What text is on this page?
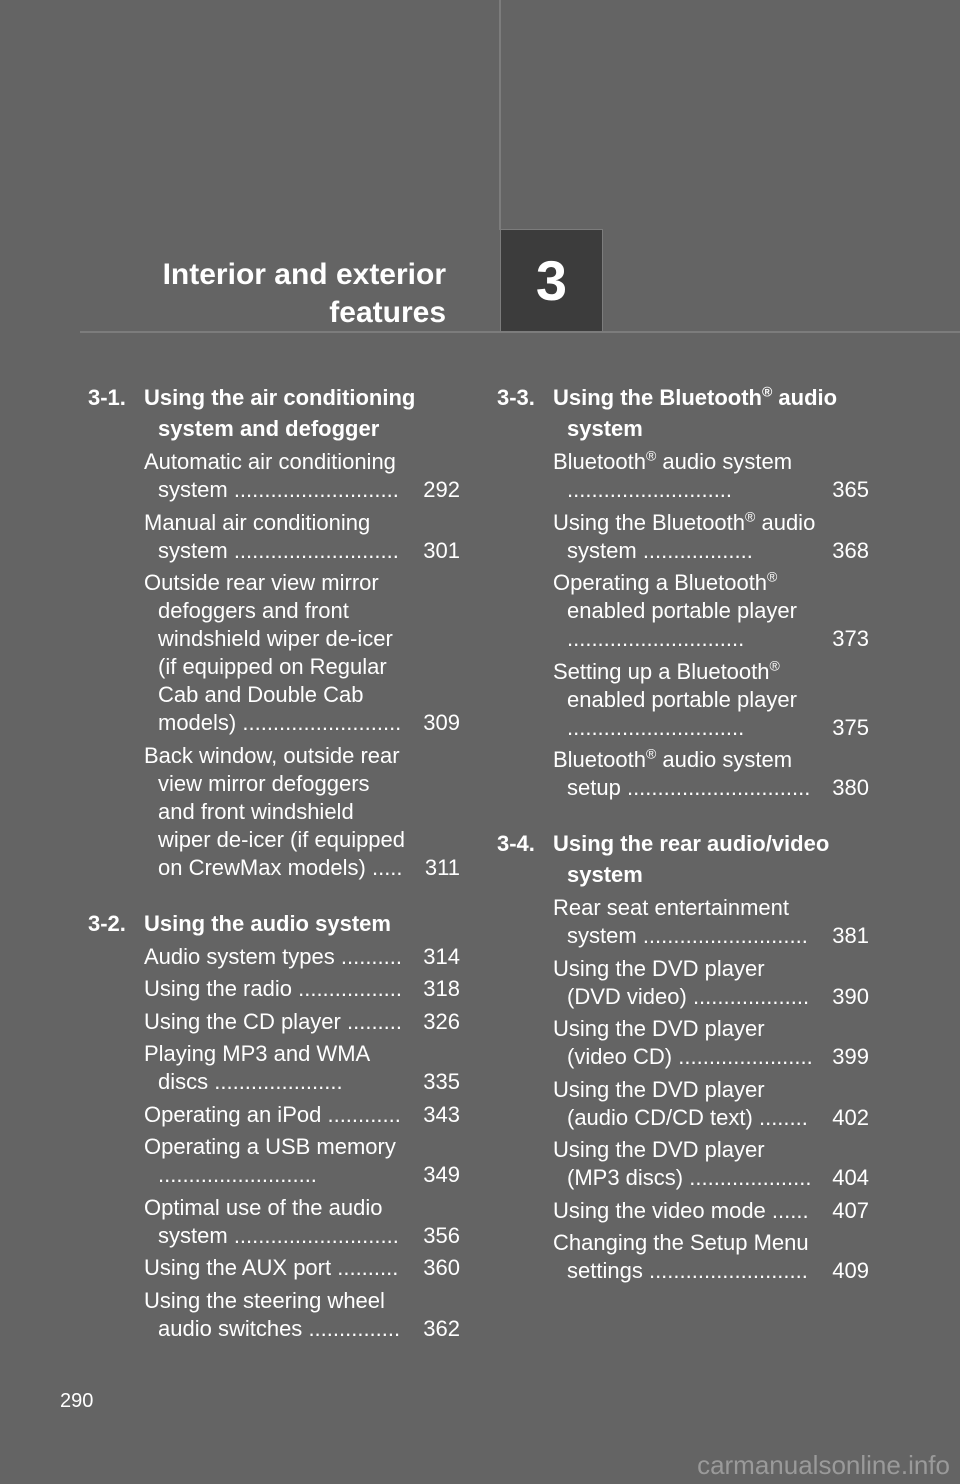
Interior and exterior
features
3
3-1. Using the air conditioning system and defogger
Automatic air conditioning system ........................... 292
Manual air conditioning system ........................... 301
Outside rear view mirror defoggers and front windshield wiper de-icer (if equipped on Regular Cab and Double Cab models) .......................... 309
Back window, outside rear view mirror defoggers and front windshield wiper de-icer (if equipped on CrewMax models) ..... 311
3-2. Using the audio system
Audio system types .......... 314
Using the radio ................. 318
Using the CD player ......... 326
Playing MP3 and WMA discs .....................	335
Operating an iPod ............ 343
Operating a USB memory ..........................	349
Optimal use of the audio system ........................... 356
Using the AUX port .......... 360
Using the steering wheel audio switches ............... 362
3-3. Using the Bluetooth® audio system
Bluetooth® audio system ...........................	365
Using the Bluetooth® audio system ..................	368
Operating a Bluetooth® enabled portable player .............................	373
Setting up a Bluetooth® enabled portable player .............................	375
Bluetooth® audio system setup .............................. 380
3-4. Using the rear audio/video system
Rear seat entertainment system ........................... 381
Using the DVD player (DVD video) ................... 390
Using the DVD player (video CD) ...................... 399
Using the DVD player (audio CD/CD text) ........ 402
Using the DVD player (MP3 discs) .................... 404
Using the video mode ...... 407
Changing the Setup Menu settings .......................... 409
290
carmanualsonline.info
